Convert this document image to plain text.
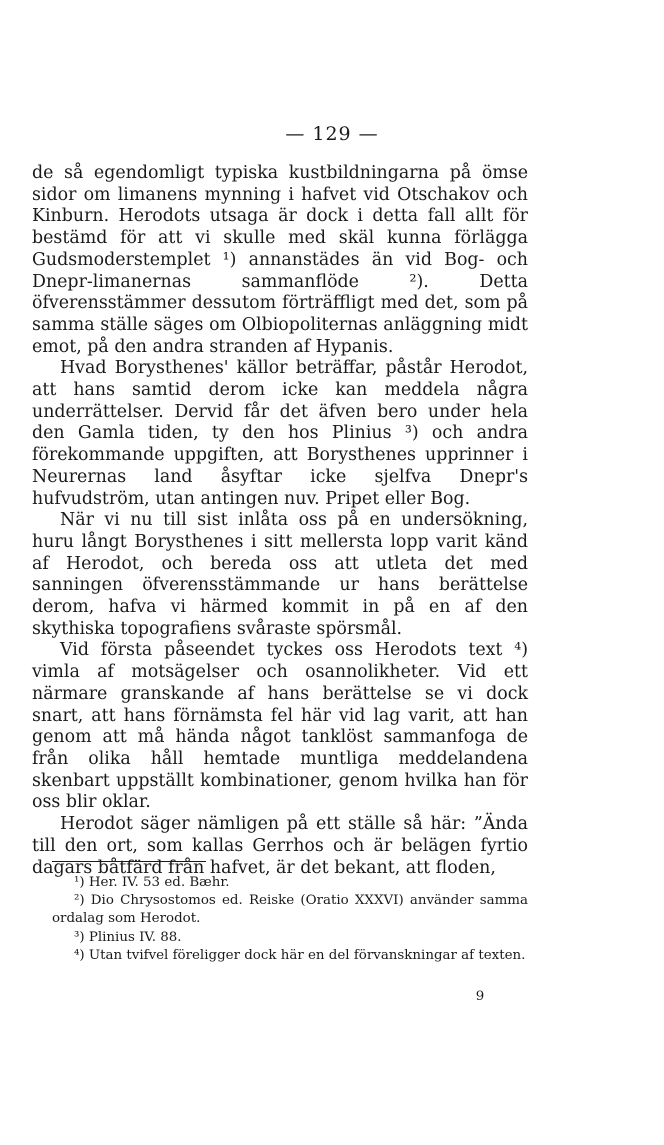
— 129 —

de så egendomligt typiska kustbildningarna på ömse sidor om limanens mynning i hafvet vid Otschakov och Kinburn. Herodots utsaga är dock i detta fall allt för bestämd för att vi skulle med skäl kunna förlägga Gudsmoderstemplet ¹) annanstädes än vid Bog- och Dnepr-limanernas sammanflöde ²). Detta öfverensstämmer dessutom förträffligt med det, som på samma ställe säges om Olbiopoliternas anläggning midt emot, på den andra stranden af Hypanis.

Hvad Borysthenes' källor beträffar, påstår Herodot, att hans samtid derom icke kan meddela några underrättelser. Dervid får det äfven bero under hela den Gamla tiden, ty den hos Plinius ³) och andra förekommande uppgiften, att Borysthenes upprinner i Neurernas land åsyftar icke sjelfva Dnepr's hufvudström, utan antingen nuv. Pripet eller Bog.

När vi nu till sist inlåta oss på en undersökning, huru långt Borysthenes i sitt mellersta lopp varit känd af Herodot, och bereda oss att utleta det med sanningen öfverensstämmande ur hans berättelse derom, hafva vi härmed kommit in på en af den skythiska topografiens svåraste spörsmål.

Vid första påseendet tyckes oss Herodots text ⁴) vimla af motsägelser och osannolikheter. Vid ett närmare granskande af hans berättelse se vi dock snart, att hans förnämsta fel här vid lag varit, att han genom att må hända något tanklöst sammanfoga de från olika håll hemtade muntliga meddelandena skenbart uppställt kombinationer, genom hvilka han för oss blir oklar.

Herodot säger nämligen på ett ställe så här: ”Ända till den ort, som kallas Gerrhos och är belägen fyrtio dagars båtfärd från hafvet, är det bekant, att floden,

¹) Her. IV. 53 ed. Bæhr.
²) Dio Chrysostomos ed. Reiske (Oratio XXXVI) använder samma ordalag som Herodot.
³) Plinius IV. 88.
⁴) Utan tvifvel föreligger dock här en del förvanskningar af texten.
9
